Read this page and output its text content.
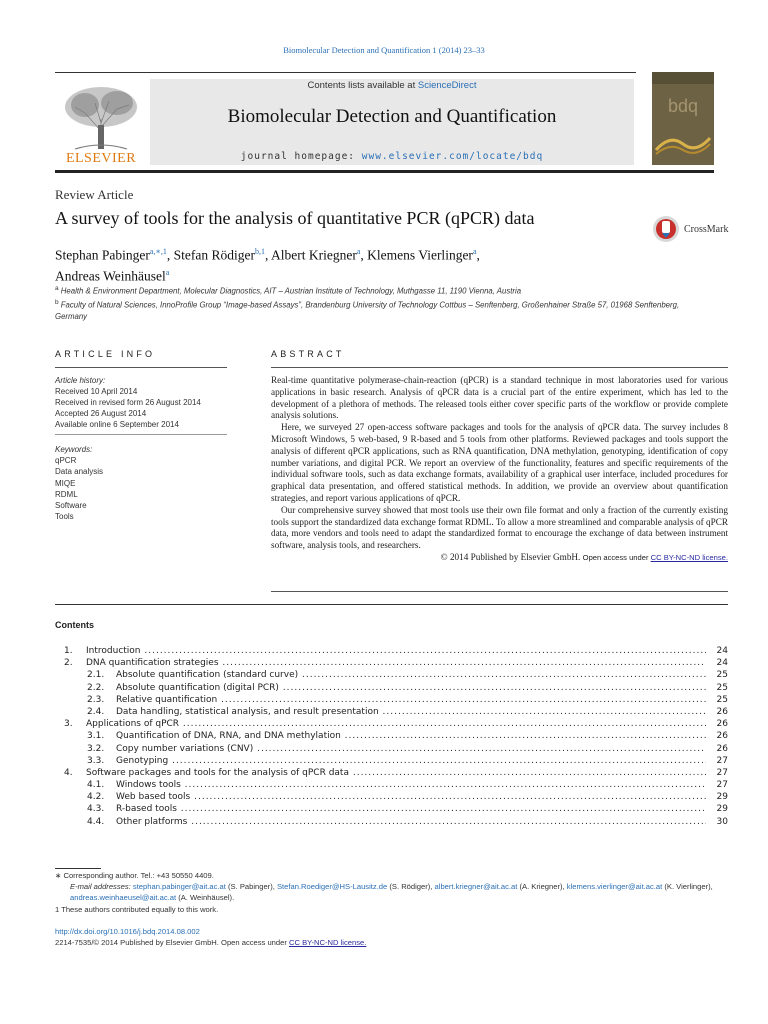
Biomolecular Detection and Quantification 1 (2014) 23–33
ELSEVIER
Contents lists available at ScienceDirect
Biomolecular Detection and Quantification
journal homepage: www.elsevier.com/locate/bdq
bdq
Review Article
A survey of tools for the analysis of quantitative PCR (qPCR) data
CrossMark
Stephan Pabinger$^{a,∗,1}$, Stefan Rödiger$^{b,1}$, Albert Kriegner$^a$, Klemens Vierlinger$^a$,
Andreas Weinhäusel$^a$
$^a$ Health & Environment Department, Molecular Diagnostics, AIT – Austrian Institute of Technology, Muthgasse 11, 1190 Vienna, Austria
$^b$ Faculty of Natural Sciences, InnoProfile Group “Image-based Assays”, Brandenburg University of Technology Cottbus – Senftenberg, Großenhainer Straße 57, 01968 Senftenberg, Germany
ARTICLE INFO
Article history:
Received 10 April 2014
Received in revised form 26 August 2014
Accepted 26 August 2014
Available online 6 September 2014
Keywords:
qPCR
Data analysis
MIQE
RDML
Software
Tools
ABSTRACT

Real-time quantitative polymerase-chain-reaction (qPCR) is a standard technique in most laboratories used for various applications in basic research. Analysis of qPCR data is a crucial part of the entire experiment, which has led to the development of a plethora of methods. The released tools either cover specific parts of the workflow or provide complete analysis solutions.

Here, we surveyed 27 open-access software packages and tools for the analysis of qPCR data. The survey includes 8 Microsoft Windows, 5 web-based, 9 R-based and 5 tools from other platforms. Reviewed packages and tools support the analysis of different qPCR applications, such as RNA quantification, DNA methylation, genotyping, identification of copy number variations, and digital PCR. We report an overview of the functionality, features and specific requirements of the individual software tools, such as data exchange formats, availability of a graphical user interface, included procedures for graphical data presentation, and offered statistical methods. In addition, we provide an overview about quantification strategies, and report various applications of qPCR.

Our comprehensive survey showed that most tools use their own file format and only a fraction of the currently existing tools support the standardized data exchange format RDML. To allow a more streamlined and comparable analysis of qPCR data, more vendors and tools need to adapt the standardized format to encourage the exchange of data between instrument software, analysis tools, and researchers.

© 2014 Published by Elsevier GmbH. Open access under CC BY-NC-ND license.
Contents
1. Introduction .....	24
2. DNA quantification strategies .....	24
2.1. Absolute quantification (standard curve) .....	25
2.2. Absolute quantification (digital PCR) .....	25
2.3. Relative quantification .....	25
2.4. Data handling, statistical analysis, and result presentation .....	26
3. Applications of qPCR .....	26
3.1. Quantification of DNA, RNA, and DNA methylation .....	26
3.2. Copy number variations (CNV) .....	26
3.3. Genotyping .....	27
4. Software packages and tools for the analysis of qPCR data .....	27
4.1. Windows tools .....	27
4.2. Web based tools .....	29
4.3. R-based tools .....	29
4.4. Other platforms .....	30
∗ Corresponding author. Tel.: +43 50550 4409.
E-mail addresses: stephan.pabinger@ait.ac.at (S. Pabinger), Stefan.Roediger@HS-Lausitz.de (S. Rödiger), albert.kriegner@ait.ac.at (A. Kriegner), klemens.vierlinger@ait.ac.at (K. Vierlinger),
andreas.weinhaeusel@ait.ac.at (A. Weinhäusel).
1 These authors contributed equally to this work.
http://dx.doi.org/10.1016/j.bdq.2014.08.002
2214-7535/© 2014 Published by Elsevier GmbH. Open access under CC BY-NC-ND license.
